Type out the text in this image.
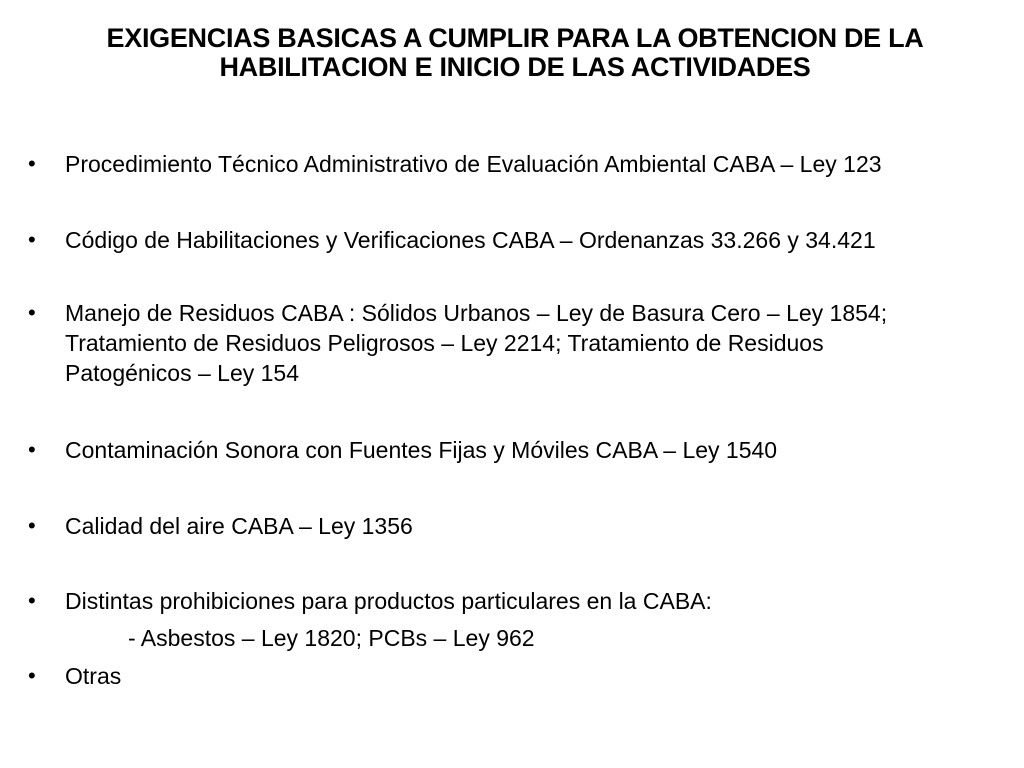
EXIGENCIAS BASICAS A CUMPLIR PARA LA OBTENCION DE LA
HABILITACION E INICIO DE LAS ACTIVIDADES
• Procedimiento Técnico Administrativo de Evaluación Ambiental CABA – Ley 123
• Código de Habilitaciones y Verificaciones CABA – Ordenanzas 33.266 y 34.421
• Manejo de Residuos CABA : Sólidos Urbanos – Ley de Basura Cero – Ley 1854;
Tratamiento de Residuos Peligrosos – Ley 2214; Tratamiento de Residuos
Patogénicos – Ley 154
• Contaminación Sonora con Fuentes Fijas y Móviles CABA – Ley 1540
• Calidad del aire CABA – Ley 1356
• Distintas prohibiciones para productos particulares en la CABA:
- Asbestos – Ley 1820; PCBs – Ley 962
• Otras
